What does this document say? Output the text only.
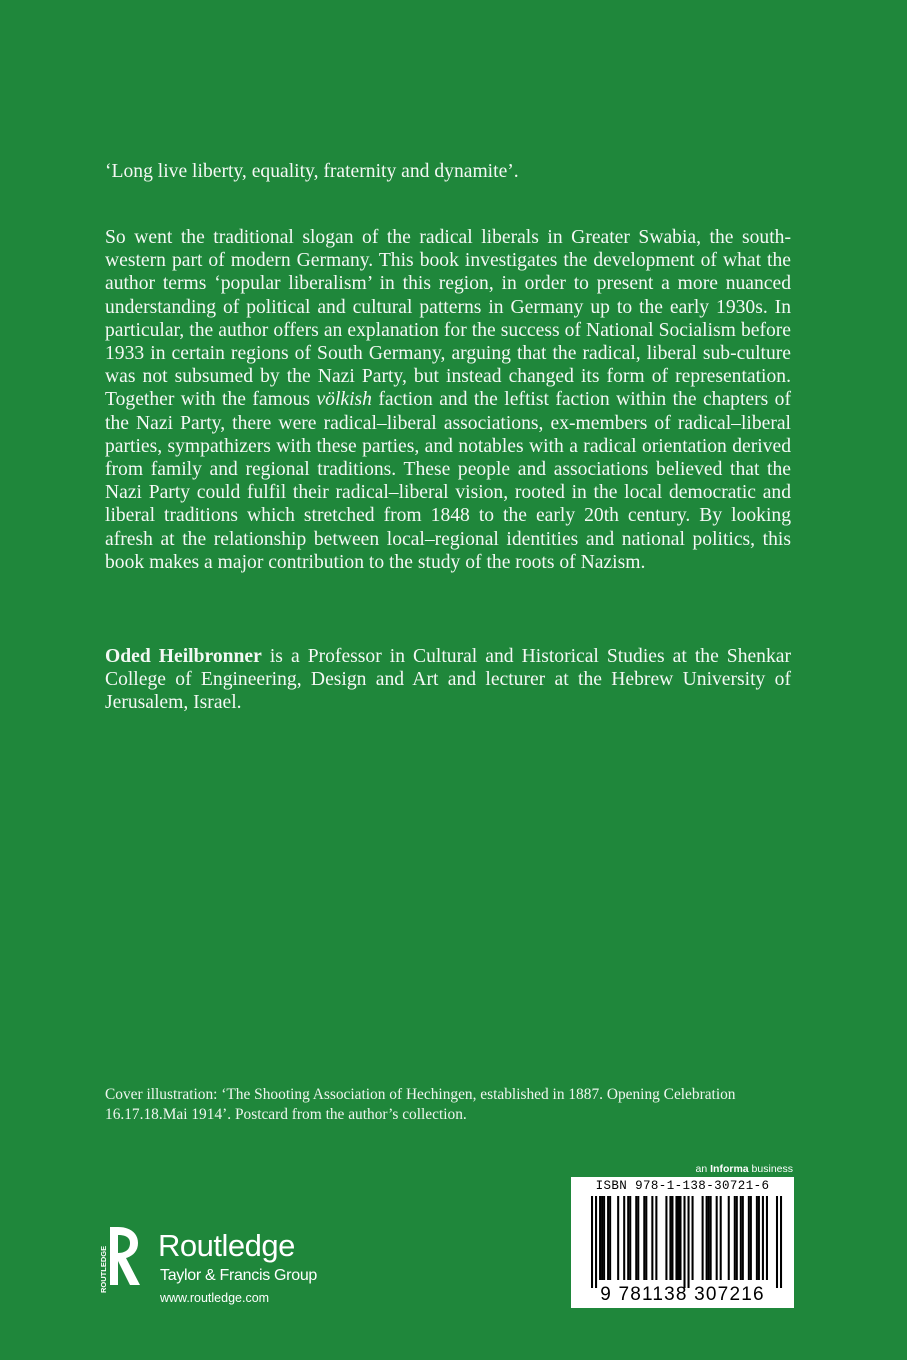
‘Long live liberty, equality, fraternity and dynamite’.

So went the traditional slogan of the radical liberals in Greater Swabia, the south-western part of modern Germany. This book investigates the development of what the author terms ‘popular liberalism’ in this region, in order to present a more nuanced understanding of political and cultural patterns in Germany up to the early 1930s. In particular, the author offers an explanation for the success of National Socialism before 1933 in certain regions of South Germany, arguing that the radical, liberal sub-culture was not subsumed by the Nazi Party, but instead changed its form of representation. Together with the famous völkish faction and the leftist faction within the chapters of the Nazi Party, there were radical–liberal associations, ex-members of radical–liberal parties, sympathizers with these parties, and notables with a radical orientation derived from family and regional traditions. These people and associations believed that the Nazi Party could fulfil their radical–liberal vision, rooted in the local democratic and liberal traditions which stretched from 1848 to the early 20th century. By looking afresh at the relationship between local–regional identities and national politics, this book makes a major contribution to the study of the roots of Nazism.

Oded Heilbronner is a Professor in Cultural and Historical Studies at the Shenkar College of Engineering, Design and Art and lecturer at the Hebrew University of Jerusalem, Israel.
Cover illustration: ‘The Shooting Association of Hechingen, established in 1887. Opening Celebration 16.17.18.Mai 1914’. Postcard from the author’s collection.
ROUTLEDGE
Routledge
Taylor & Francis Group
www.routledge.com
an Informa business
ISBN 978-1-138-30721-6
9 781138 307216
